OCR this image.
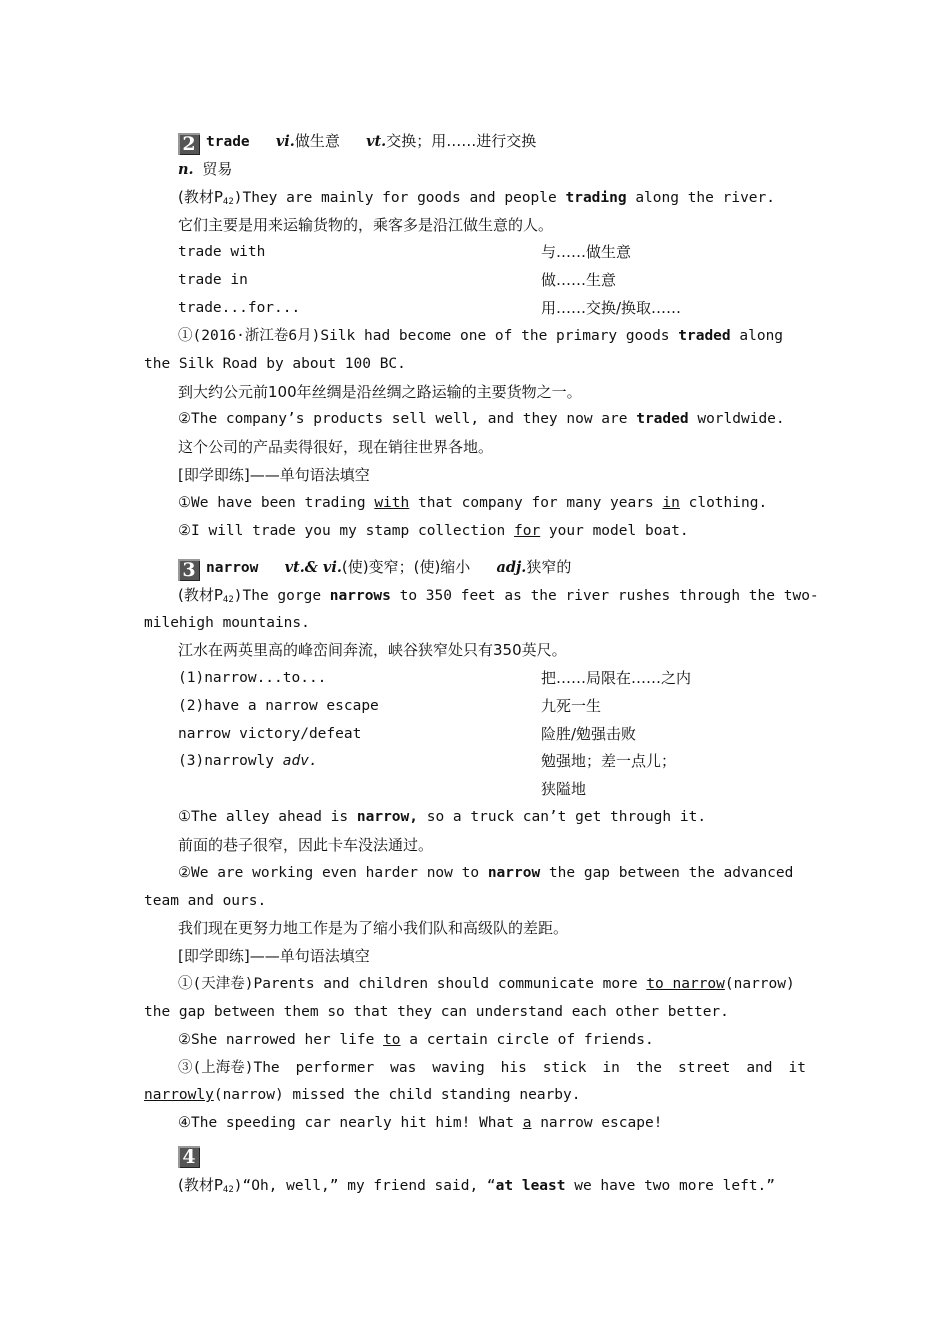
2 trade vi.做生意 vt.交换；用……进行交换
n. 贸易
(教材$P_{42})They$ are mainly for goods and people trading along the river.
它们主要是用来运输货物的，乘客多是沿江做生意的人。
trade with	与……做生意
trade in	做……生意
trade...for...	用……交换/换取……
①(2016·浙江卷6月)Silk had become one of the primary goods traded along
the Silk Road by about 100 BC.
到大约公元前100年丝绸是沿丝绸之路运输的主要货物之一。
②The company’s products sell well, and they now are traded worldwide.
这个公司的产品卖得很好，现在销往世界各地。
[即学即练]——单句语法填空
①We have been trading with that company for many years in clothing.
②I will trade you my stamp collection for your model boat.
3 narrow vt.& vi.(使)变窄；(使)缩小 adj.狭窄的
(教材$P_{42})The$ gorge narrows to 350 feet as the river rushes through the two-
milehigh mountains.
江水在两英里高的峰峦间奔流，峡谷狭窄处只有350英尺。
(1)narrow...to...	把……局限在……之内
(2)have a narrow escape	九死一生
narrow victory/defeat	险胜/勉强击败
(3)narrowly adv.	勉强地；差一点儿；
狭隘地
①The alley ahead is narrow, so a truck can’t get through it.
前面的巷子很窄，因此卡车没法通过。
②We are working even harder now to narrow the gap between the advanced
team and ours.
我们现在更努力地工作是为了缩小我们队和高级队的差距。
[即学即练]——单句语法填空
①(天津卷)Parents and children should communicate more to narrow(narrow)
the gap between them so that they can understand each other better.
②She narrowed her life to a certain circle of friends.
③(上海卷)The performer was waving his stick in the street and it
narrowly(narrow) missed the child standing nearby.
④The speeding car nearly hit him! What a narrow escape!
4
(教材$P_{42})“Oh$, well,” my friend said, “at least we have two more left.”
